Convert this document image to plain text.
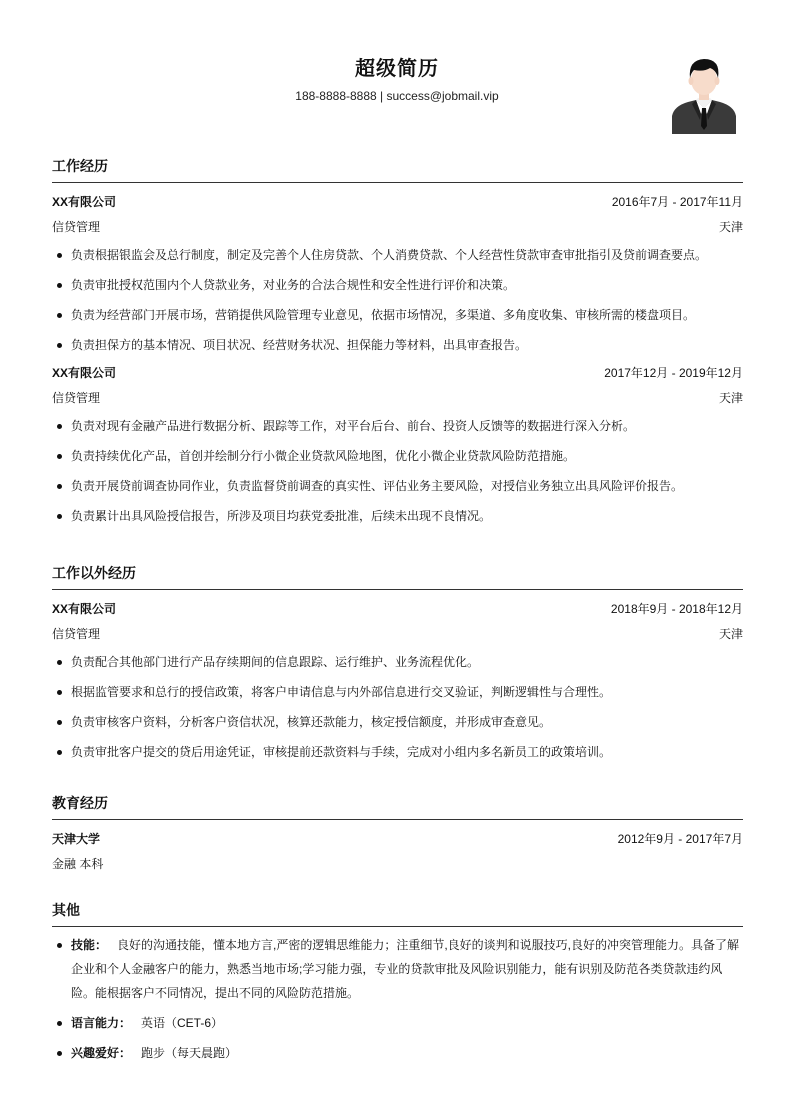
超级简历
188-8888-8888 | success@jobmail.vip
工作经历
XX有限公司	2016年7月 - 2017年11月
信贷管理	天津
负责根据银监会及总行制度，制定及完善个人住房贷款、个人消费贷款、个人经营性贷款审查审批指引及贷前调查要点。
负责审批授权范围内个人贷款业务，对业务的合法合规性和安全性进行评价和决策。
负责为经营部门开展市场，营销提供风险管理专业意见，依据市场情况，多渠道、多角度收集、审核所需的楼盘项目。
负责担保方的基本情况、项目状况、经营财务状况、担保能力等材料，出具审查报告。
XX有限公司	2017年12月 - 2019年12月
信贷管理	天津
负责对现有金融产品进行数据分析、跟踪等工作，对平台后台、前台、投资人反馈等的数据进行深入分析。
负责持续优化产品，首创并绘制分行小微企业贷款风险地图，优化小微企业贷款风险防范措施。
负责开展贷前调查协同作业，负责监督贷前调查的真实性、评估业务主要风险，对授信业务独立出具风险评价报告。
负责累计出具风险授信报告，所涉及项目均获党委批准，后续未出现不良情况。
工作以外经历
XX有限公司	2018年9月 - 2018年12月
信贷管理	天津
负责配合其他部门进行产品存续期间的信息跟踪、运行维护、业务流程优化。
根据监管要求和总行的授信政策，将客户申请信息与内外部信息进行交叉验证，判断逻辑性与合理性。
负责审核客户资料，分析客户资信状况，核算还款能力，核定授信额度，并形成审查意见。
负责审批客户提交的贷后用途凭证，审核提前还款资料与手续，完成对小组内多名新员工的政策培训。
教育经历
天津大学	2012年9月 - 2017年7月
金融 本科
其他
技能： 良好的沟通技能，懂本地方言,严密的逻辑思维能力；注重细节,良好的谈判和说服技巧,良好的冲突管理能力。具备了解企业和个人金融客户的能力，熟悉当地市场;学习能力强，专业的贷款审批及风险识别能力，能有识别及防范各类贷款违约风险。能根据客户不同情况，提出不同的风险防范措施。
语言能力： 英语（CET-6）
兴趣爱好： 跑步（每天晨跑）
